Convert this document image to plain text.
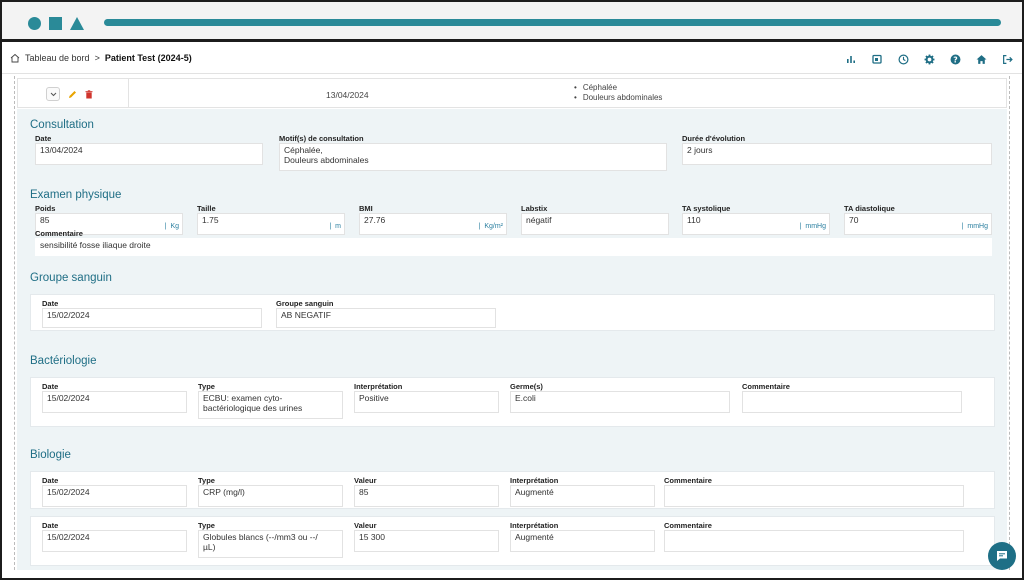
Tableau de bord > Patient Test (2024-5)	?
13/04/2024
• Céphalée
• Douleurs abdominales
Consultation
Date
13/04/2024
Motif(s) de consultation
Céphalée,
Douleurs abdominales
Durée d'évolution
2 jours
Examen physique
Poids
85
| Kg
Taille
1.75
| m
BMI
27.76
| Kg/m²
Labstix
négatif
TA systolique
110
| mmHg
TA diastolique
70
| mmHg
Commentaire
sensibilité fosse iliaque droite
Groupe sanguin
Date
15/02/2024
Groupe sanguin
AB NEGATIF
Bactériologie
Date
15/02/2024
Type
ECBU: examen cyto-
bactériologique des urines
Interprétation
Positive
Germe(s)
E.coli
Commentaire
Biologie
Date
15/02/2024
Type
CRP (mg/l)
Valeur
85
Interprétation
Augmenté
Commentaire
Date
15/02/2024
Type
Globules blancs (--/mm3 ou --/
µL)
Valeur
15 300
Interprétation
Augmenté
Commentaire
